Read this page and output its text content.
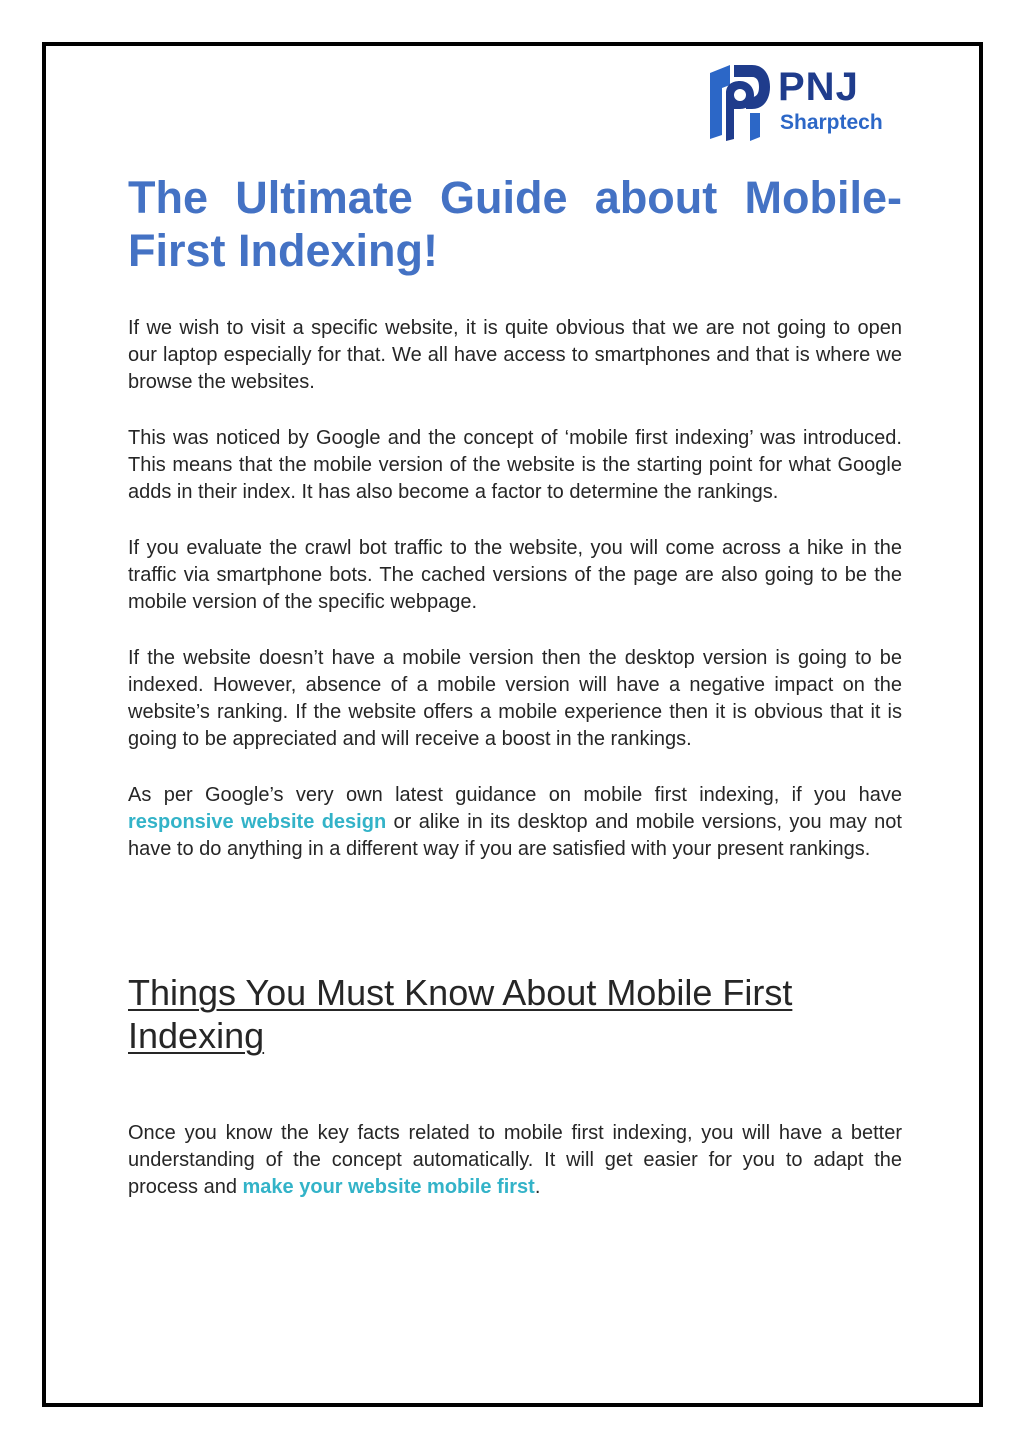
PNJ
Sharptech
The Ultimate Guide about Mobile-First Indexing!

If we wish to visit a specific website, it is quite obvious that we are not going to open our laptop especially for that. We all have access to smartphones and that is where we browse the websites.

This was noticed by Google and the concept of ‘mobile first indexing’ was introduced. This means that the mobile version of the website is the starting point for what Google adds in their index. It has also become a factor to determine the rankings.

If you evaluate the crawl bot traffic to the website, you will come across a hike in the traffic via smartphone bots. The cached versions of the page are also going to be the mobile version of the specific webpage.

If the website doesn’t have a mobile version then the desktop version is going to be indexed. However, absence of a mobile version will have a negative impact on the website’s ranking. If the website offers a mobile experience then it is obvious that it is going to be appreciated and will receive a boost in the rankings.

As per Google’s very own latest guidance on mobile first indexing, if you have responsive website design or alike in its desktop and mobile versions, you may not have to do anything in a different way if you are satisfied with your present rankings.

Things You Must Know About Mobile First Indexing

Once you know the key facts related to mobile first indexing, you will have a better understanding of the concept automatically. It will get easier for you to adapt the process and make your website mobile first.
